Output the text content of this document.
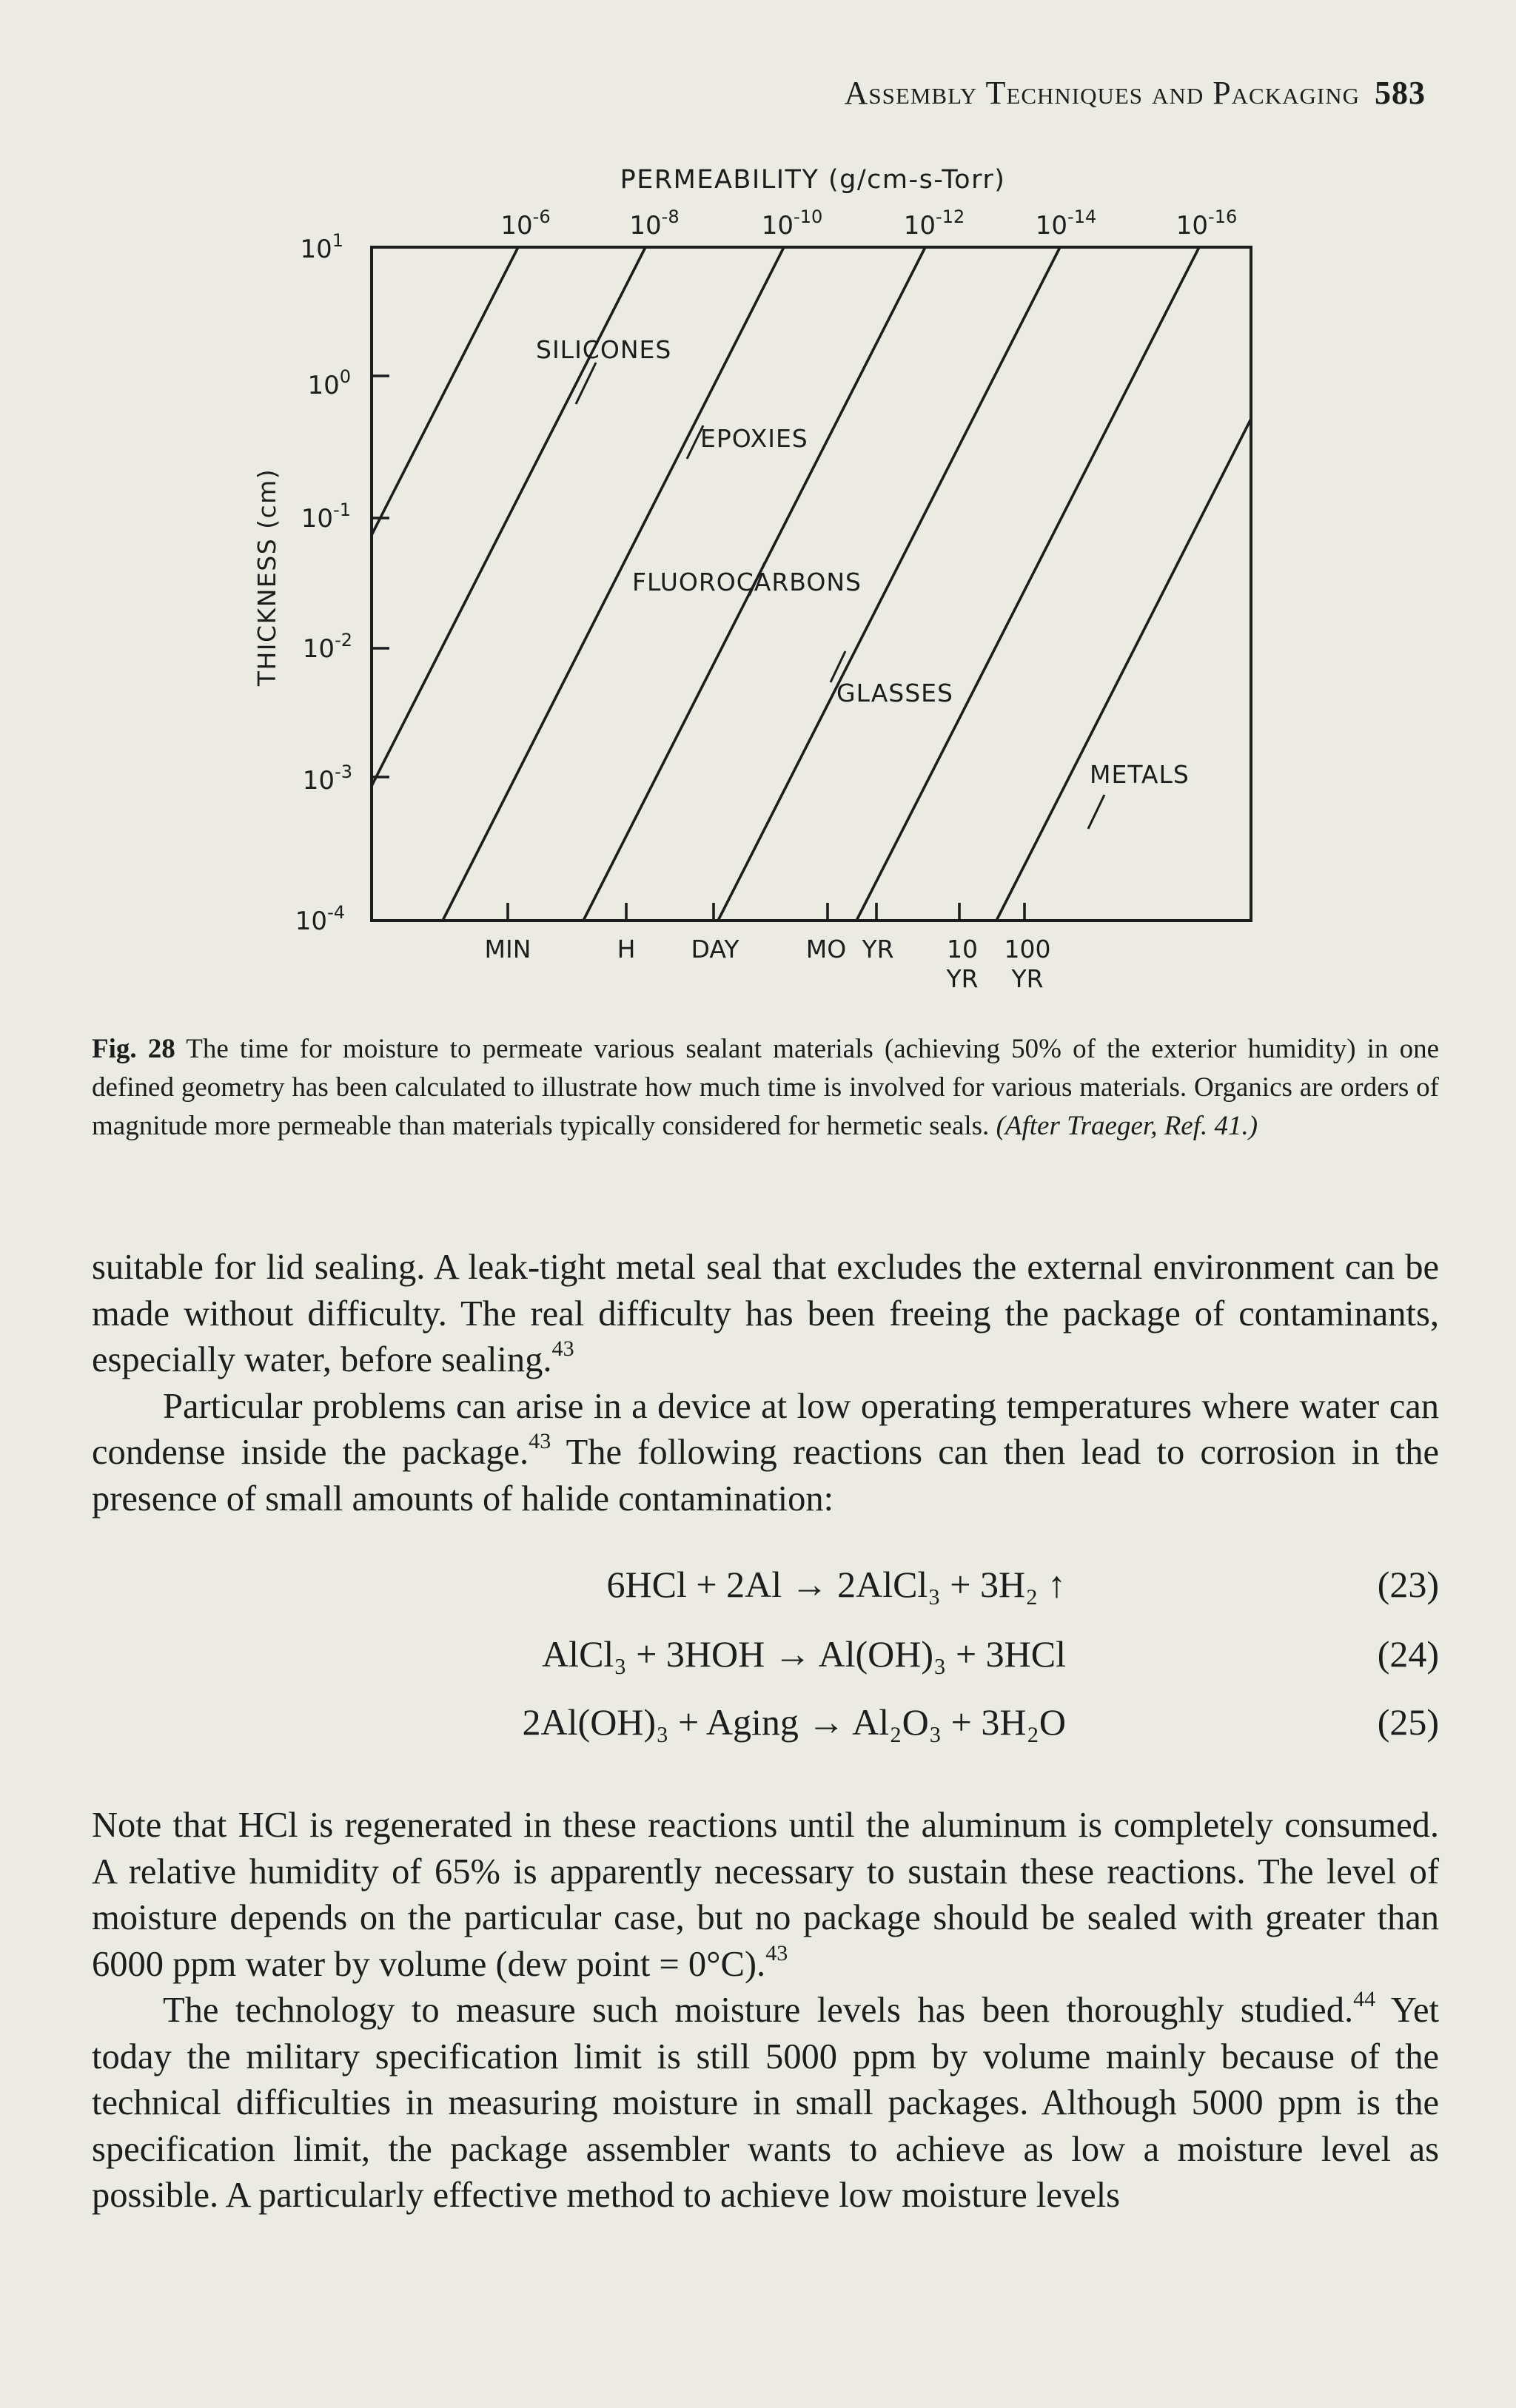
Assembly Techniques and Packaging 583
PERMEABILITY (g/cm-s-Torr)
$10^{-6}$	$10^{-8}$	$10^{-10}$	$10^{-12}$	$10^{-14}$	$10^{-16}$
$10^1$
$10^0$
$10^{-1}$
$10^{-2}$
$10^{-3}$
$10^{-4}$
THICKNESS (cm)
SILICONES
EPOXIES
FLUOROCARBONS
GLASSES
METALS
MIN	H DAY	MO YR 10
YR
100
YR
Fig. 28 The time for moisture to permeate various sealant materials (achieving 50% of the exterior humidity) in one defined geometry has been calculated to illustrate how much time is involved for various materials. Organics are orders of magnitude more permeable than materials typically considered for hermetic seals. (After Traeger, Ref. 41.)

suitable for lid sealing. A leak-tight metal seal that excludes the external environment can be made without difficulty. The real difficulty has been freeing the package of contaminants, especially water, before sealing.$^{43}$

Particular problems can arise in a device at low operating temperatures where water can condense inside the package.$^{43}$ The following reactions can then lead to corrosion in the presence of small amounts of halide contamination:

6HCl + 2Al → 2AlCl₃ + 3H₂ ↑	(23)
AlCl₃ + 3HOH → Al(OH)₃ + 3HCl	(24)
2Al(OH)₃ + Aging → Al₂O₃ + 3H₂O	(25)

Note that HCl is regenerated in these reactions until the aluminum is completely consumed. A relative humidity of 65% is apparently necessary to sustain these reactions. The level of moisture depends on the particular case, but no package should be sealed with greater than 6000 ppm water by volume (dew point = 0°C).$^{43}$

The technology to measure such moisture levels has been thoroughly studied.$^{44}$ Yet today the military specification limit is still 5000 ppm by volume mainly because of the technical difficulties in measuring moisture in small packages. Although 5000 ppm is the specification limit, the package assembler wants to achieve as low a moisture level as possible. A particularly effective method to achieve low moisture levels
